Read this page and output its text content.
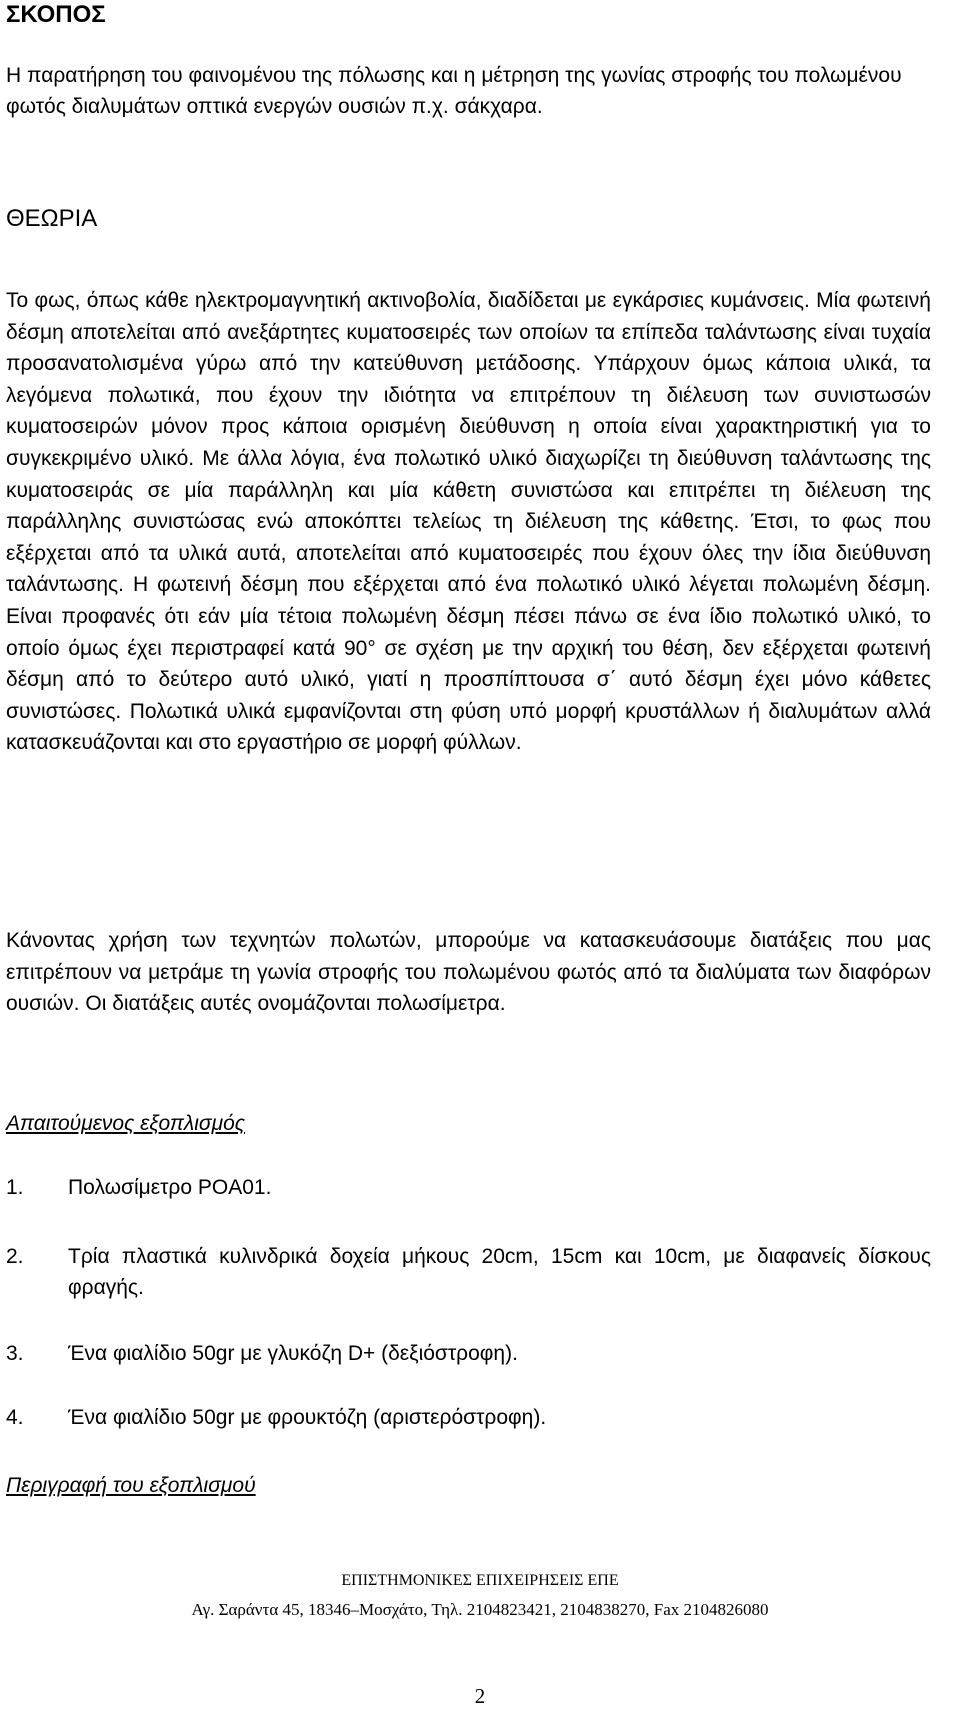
ΣΚΟΠΟΣ

Η παρατήρηση του φαινομένου της πόλωσης και η μέτρηση της γωνίας στροφής του πολωμένου φωτός διαλυμάτων οπτικά ενεργών ουσιών π.χ. σάκχαρα.

ΘΕΩΡΙΑ

Το φως, όπως κάθε ηλεκτρομαγνητική ακτινοβολία, διαδίδεται με εγκάρσιες κυμάνσεις. Μία φωτεινή δέσμη αποτελείται από ανεξάρτητες κυματοσειρές των οποίων τα επίπεδα ταλάντωσης είναι τυχαία προσανατολισμένα γύρω από την κατεύθυνση μετάδοσης. Υπάρχουν όμως κάποια υλικά, τα λεγόμενα πολωτικά, που έχουν την ιδιότητα να επιτρέπουν τη διέλευση των συνιστωσών κυματοσειρών μόνον προς κάποια ορισμένη διεύθυνση η οποία είναι χαρακτηριστική για το συγκεκριμένο υλικό. Με άλλα λόγια, ένα πολωτικό υλικό διαχωρίζει τη διεύθυνση ταλάντωσης της κυματοσειράς σε μία παράλληλη και μία κάθετη συνιστώσα και επιτρέπει τη διέλευση της παράλληλης συνιστώσας ενώ αποκόπτει τελείως τη διέλευση της κάθετης. Έτσι, το φως που εξέρχεται από τα υλικά αυτά, αποτελείται από κυματοσειρές που έχουν όλες την ίδια διεύθυνση ταλάντωσης. Η φωτεινή δέσμη που εξέρχεται από ένα πολωτικό υλικό λέγεται πολωμένη δέσμη. Είναι προφανές ότι εάν μία τέτοια πολωμένη δέσμη πέσει πάνω σε ένα ίδιο πολωτικό υλικό, το οποίο όμως έχει περιστραφεί κατά 90° σε σχέση με την αρχική του θέση, δεν εξέρχεται φωτεινή δέσμη από το δεύτερο αυτό υλικό, γιατί η προσπίπτουσα σ΄ αυτό δέσμη έχει μόνο κάθετες συνιστώσες. Πολωτικά υλικά εμφανίζονται στη φύση υπό μορφή κρυστάλλων ή διαλυμάτων αλλά κατασκευάζονται και στο εργαστήριο σε μορφή φύλλων.

Κάνοντας χρήση των τεχνητών πολωτών, μπορούμε να κατασκευάσουμε διατάξεις που μας επιτρέπουν να μετράμε τη γωνία στροφής του πολωμένου φωτός από τα διαλύματα των διαφόρων ουσιών. Οι διατάξεις αυτές ονομάζονται πολωσίμετρα.

Απαιτούμενος εξοπλισμός
1. Πολωσίμετρο POA01.
2. Τρία πλαστικά κυλινδρικά δοχεία μήκους 20cm, 15cm και 10cm, με διαφανείς δίσκους φραγής.
3. Ένα φιαλίδιο 50gr με γλυκόζη D+ (δεξιόστροφη).
4. Ένα φιαλίδιο 50gr με φρουκτόζη (αριστερόστροφη).
Περιγραφή του εξοπλισμού
ΕΠΙΣΤΗΜΟΝΙΚΕΣ ΕΠΙΧΕΙΡΗΣΕΙΣ ΕΠΕ
Αγ. Σαράντα 45, 18346–Μοσχάτο, Τηλ. 2104823421, 2104838270, Fax 2104826080
2
